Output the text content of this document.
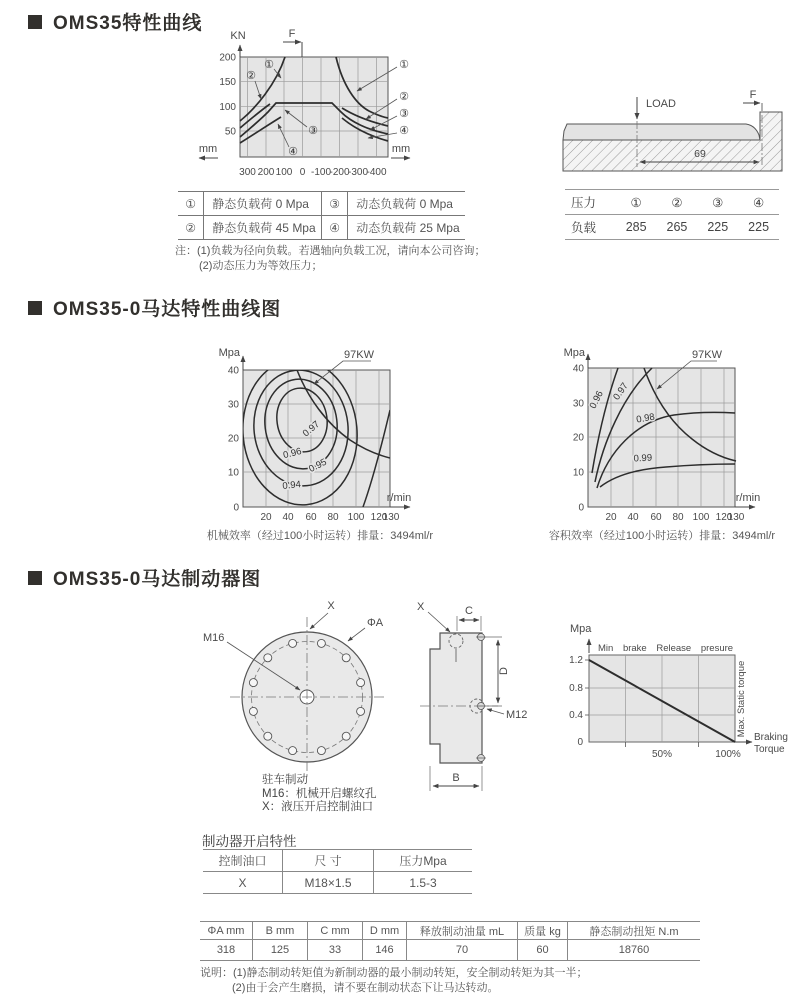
OMS35特性曲线
KN
200
150
100
50
300 200 100 0 -100
-200
-300
-400
mm	mm
F
①
②
③
④
①
②
③
④
LOAD
F
69
①	静态负载荷 0 Mpa	③	动态负载荷 0 Mpa
②	静态负载荷 45 Mpa	④	动态负载荷 25 Mpa
压力	①	②	③	④
负载	285	265	225	225
注：(1)负载为径向负载。若遇轴向负载工况，请向本公司咨询；
(2)动态压力为等效压力；
OMS35-0马达特性曲线图
Mpa
40
30
20
10
0
20 40 60 80 100 120
130
r/min
0.97
0.96
0.95
0.94
97KW
机械效率（经过100小时运转）排量：3494ml/r
Mpa
40
30
20
10
0
20 40 60 80 100 120
130
r/min
0.96 0.97
0.98
0.99
97KW
容积效率（经过100小时运转）排量：3494ml/r
OMS35-0马达制动器图
M16
X
ΦA
C
D
B
X
M12
Mpa
1.2
0.8
0.4
0
50%	100%
Min brake Release presure
Max. Static torque
Braking
Torque
驻车制动
M16：机械开启螺纹孔
X：液压开启控制油口
制动器开启特性
控制油口	尺 寸	压力Mpa
X	M18×1.5	1.5-3
ΦA mm	B mm	C mm	D mm	释放制动油量 mL	质量 kg	静态制动扭矩 N.m
318	125	33	146	70	60	18760
说明：(1)静态制动转矩值为新制动器的最小制动转矩，安全制动转矩为其一半；
(2)由于会产生磨损，请不要在制动状态下让马达转动。
